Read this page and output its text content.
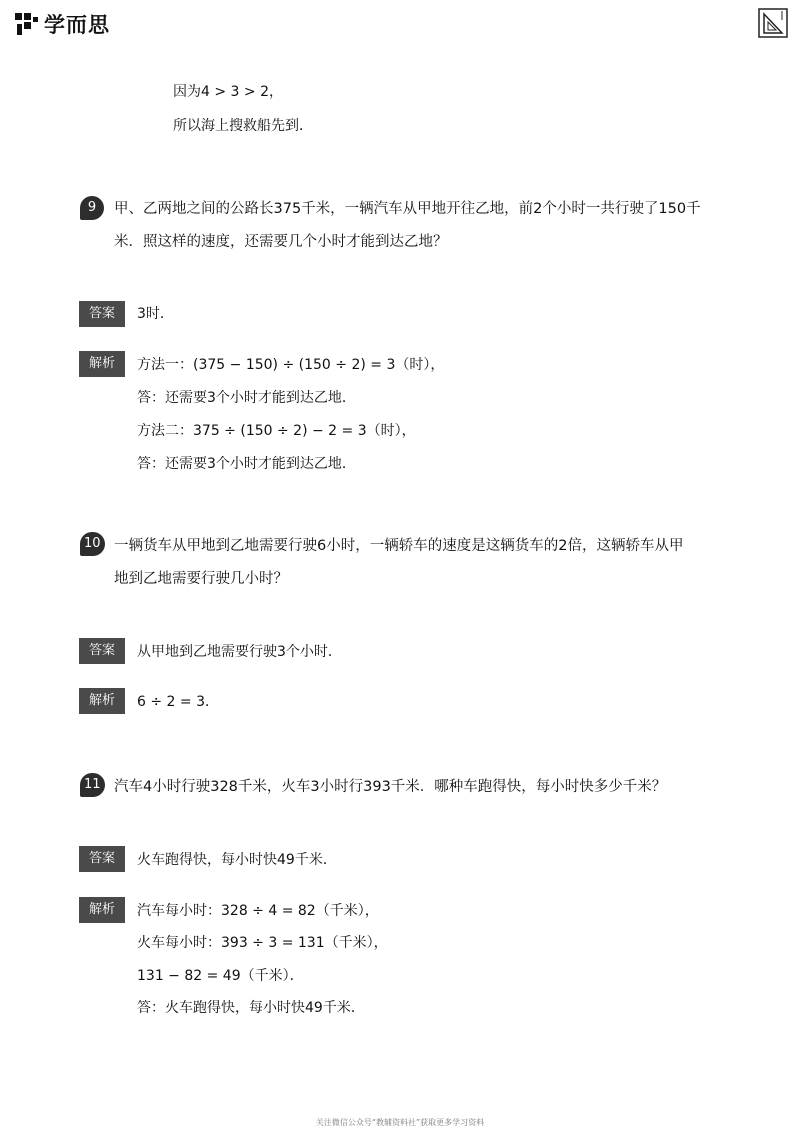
学而思
因为4 > 3 > 2，
所以海上搜救船先到．
9	甲、乙两地之间的公路长375千米，一辆汽车从甲地开往乙地，前2个小时一共行驶了150千
米．照这样的速度，还需要几个小时才能到达乙地？
答案	3时．
解析	方法一：(375 − 150) ÷ (150 ÷ 2) = 3（时），
答：还需要3个小时才能到达乙地．
方法二：375 ÷ (150 ÷ 2) − 2 = 3（时），
答：还需要3个小时才能到达乙地．
10 一辆货车从甲地到乙地需要行驶6小时，一辆轿车的速度是这辆货车的2倍，这辆轿车从甲
地到乙地需要行驶几小时？
答案	从甲地到乙地需要行驶3个小时．
解析	6 ÷ 2 = 3．
11 汽车4小时行驶328千米，火车3小时行393千米．哪种车跑得快，每小时快多少千米？
答案	火车跑得快，每小时快49千米．
解析	汽车每小时：328 ÷ 4 = 82（千米），
火车每小时：393 ÷ 3 = 131（千米），
131 − 82 = 49（千米）．
答：火车跑得快，每小时快49千米．
关注微信公众号“教辅资料社”获取更多学习资料
